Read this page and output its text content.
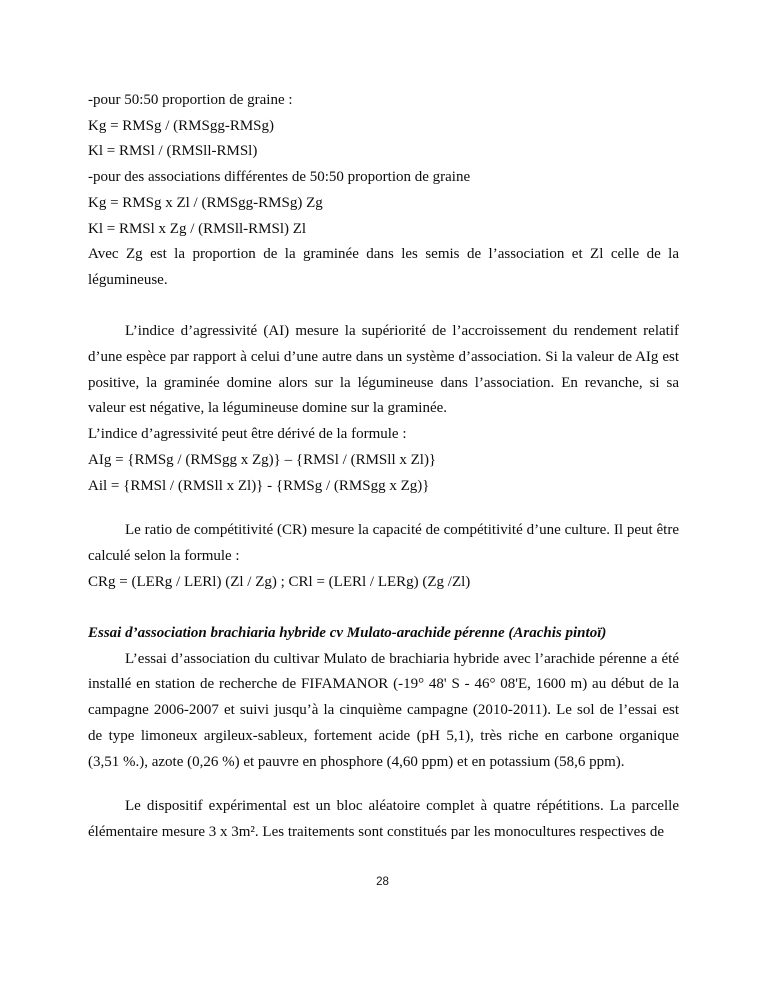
-pour 50:50 proportion de graine :
Kg = RMSg / (RMSgg-RMSg)
Kl = RMSl / (RMSll-RMSl)
-pour des associations différentes de 50:50 proportion de graine
Kg = RMSg x Zl / (RMSgg-RMSg) Zg
Kl = RMSl x Zg / (RMSll-RMSl) Zl
Avec Zg est la proportion de la graminée dans les semis de l’association et Zl celle de la légumineuse.
L’indice d’agressivité (AI) mesure la supériorité de l’accroissement du rendement relatif d’une espèce par rapport à celui d’une autre dans un système d’association. Si la valeur de AIg est positive, la graminée domine alors sur la légumineuse dans l’association. En revanche, si sa valeur est négative, la légumineuse domine sur la graminée.
L’indice d’agressivité peut être dérivé de la formule :
AIg = {RMSg / (RMSgg x Zg)} – {RMSl / (RMSll x Zl)}
Ail = {RMSl / (RMSll x Zl)} - {RMSg / (RMSgg x Zg)}
Le ratio de compétitivité (CR) mesure la capacité de compétitivité d’une culture. Il peut être calculé selon la formule :
CRg = (LERg / LERl) (Zl / Zg) ; CRl = (LERl / LERg) (Zg /Zl)
Essai d’association brachiaria hybride cv Mulato-arachide pérenne (Arachis pintoï)
L’essai d’association du cultivar Mulato de brachiaria hybride avec l’arachide pérenne a été installé en station de recherche de FIFAMANOR (-19° 48' S - 46° 08'E, 1600 m) au début de la campagne 2006-2007 et suivi jusqu’à la cinquième campagne (2010-2011). Le sol de l’essai est de type limoneux argileux-sableux, fortement acide (pH 5,1), très riche en carbone organique (3,51 %.), azote (0,26 %) et pauvre en phosphore (4,60 ppm) et en potassium (58,6 ppm).
Le dispositif expérimental est un bloc aléatoire complet à quatre répétitions. La parcelle élémentaire mesure 3 x 3m². Les traitements sont constitués par les monocultures respectives de
28
